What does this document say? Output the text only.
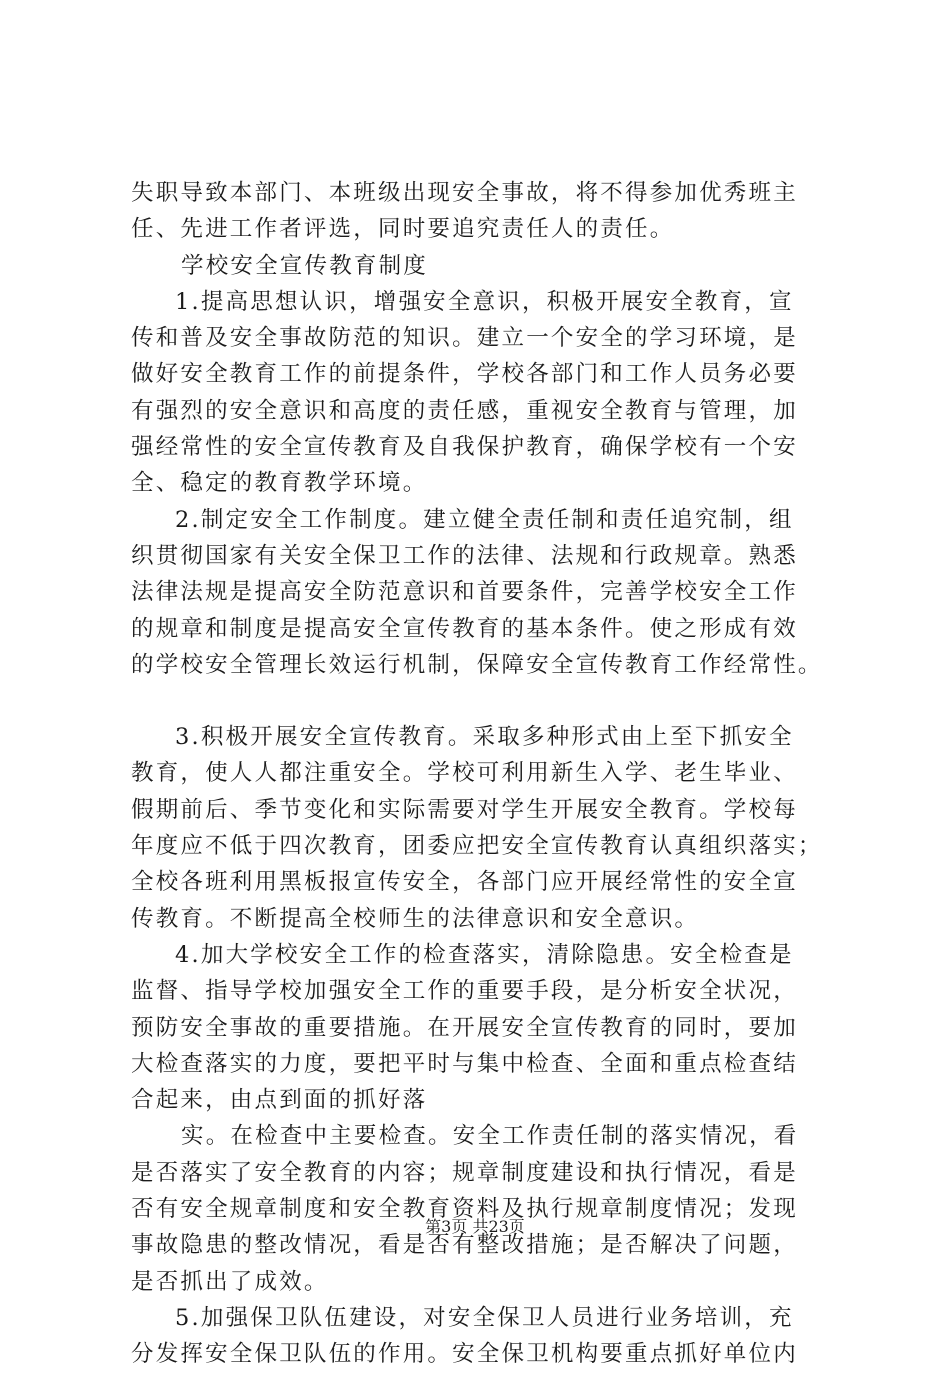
失职导致本部门、本班级出现安全事故，将不得参加优秀班主
任、先进工作者评选，同时要追究责任人的责任。
学校安全宣传教育制度
1.提高思想认识，增强安全意识，积极开展安全教育，宣
传和普及安全事故防范的知识。建立一个安全的学习环境，是
做好安全教育工作的前提条件，学校各部门和工作人员务必要
有强烈的安全意识和高度的责任感，重视安全教育与管理，加
强经常性的安全宣传教育及自我保护教育，确保学校有一个安
全、稳定的教育教学环境。
2.制定安全工作制度。建立健全责任制和责任追究制，组
织贯彻国家有关安全保卫工作的法律、法规和行政规章。熟悉
法律法规是提高安全防范意识和首要条件，完善学校安全工作
的规章和制度是提高安全宣传教育的基本条件。使之形成有效
的学校安全管理长效运行机制，保障安全宣传教育工作经常性。
3.积极开展安全宣传教育。采取多种形式由上至下抓安全
教育，使人人都注重安全。学校可利用新生入学、老生毕业、
假期前后、季节变化和实际需要对学生开展安全教育。学校每
年度应不低于四次教育，团委应把安全宣传教育认真组织落实；
全校各班利用黑板报宣传安全，各部门应开展经常性的安全宣
传教育。不断提高全校师生的法律意识和安全意识。
4.加大学校安全工作的检查落实，清除隐患。安全检查是
监督、指导学校加强安全工作的重要手段，是分析安全状况，
预防安全事故的重要措施。在开展安全宣传教育的同时，要加
大检查落实的力度，要把平时与集中检查、全面和重点检查结
合起来，由点到面的抓好落
实。在检查中主要检查。安全工作责任制的落实情况，看
是否落实了安全教育的内容；规章制度建设和执行情况，看是
否有安全规章制度和安全教育资料及执行规章制度情况；发现
事故隐患的整改情况，看是否有整改措施；是否解决了问题，
是否抓出了成效。
5.加强保卫队伍建设，对安全保卫人员进行业务培训，充
分发挥安全保卫队伍的作用。安全保卫机构要重点抓好单位内
第3页 共23页
